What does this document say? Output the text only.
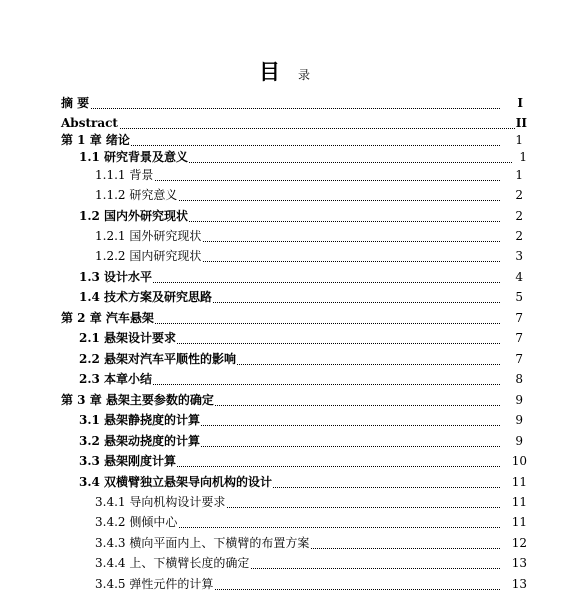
目 录
摘 要	I
Abstract	II
第 1 章 绪论	1
1.1 研究背景及意义	1
1.1.1 背景	1
1.1.2 研究意义	2
1.2 国内外研究现状	2
1.2.1 国外研究现状	2
1.2.2 国内研究现状	3
1.3 设计水平	4
1.4 技术方案及研究思路	5
第 2 章 汽车悬架	7
2.1 悬架设计要求	7
2.2 悬架对汽车平顺性的影响	7
2.3 本章小结	8
第 3 章 悬架主要参数的确定	9
3.1 悬架静挠度的计算	9
3.2 悬架动挠度的计算	9
3.3 悬架刚度计算	10
3.4 双横臂独立悬架导向机构的设计	11
3.4.1 导向机构设计要求	11
3.4.2 侧倾中心	11
3.4.3 横向平面内上、下横臂的布置方案	12
3.4.4 上、下横臂长度的确定	13
3.4.5 弹性元件的计算	13
